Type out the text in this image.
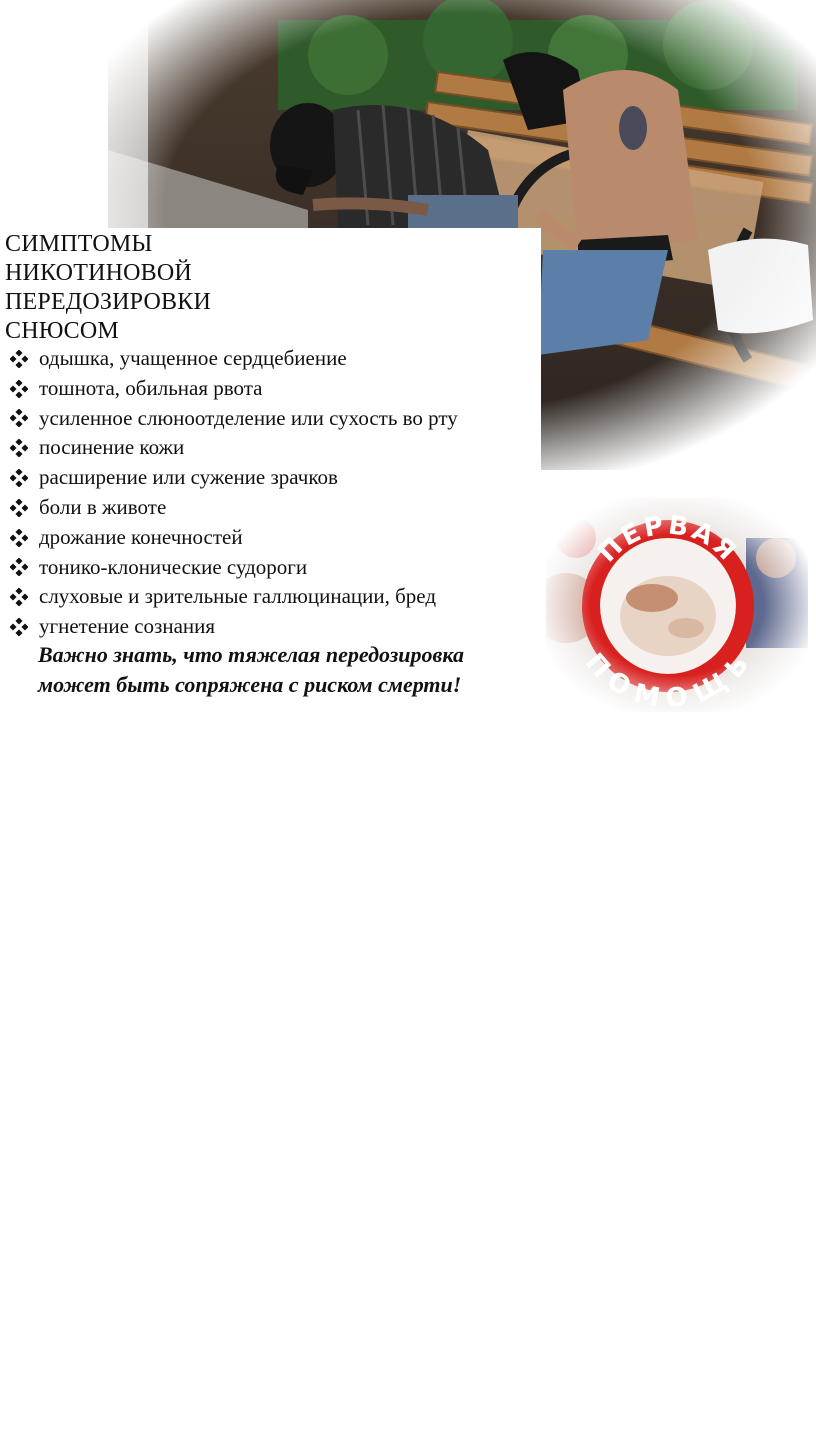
СИМПТОМЫ
НИКОТИНОВОЙ
ПЕРЕДОЗИРОВКИ
СНЮСОМ
одышка, учащенное сердцебиение
тошнота, обильная рвота
усиленное слюноотделение или сухость во рту
посинение кожи
расширение или сужение зрачков
боли в животе
дрожание конечностей
тонико-клонические судороги
слуховые и зрительные галлюцинации, бред
угнетение сознания

Важно знать, что тяжелая передозировка
может быть сопряжена с риском смерти!
